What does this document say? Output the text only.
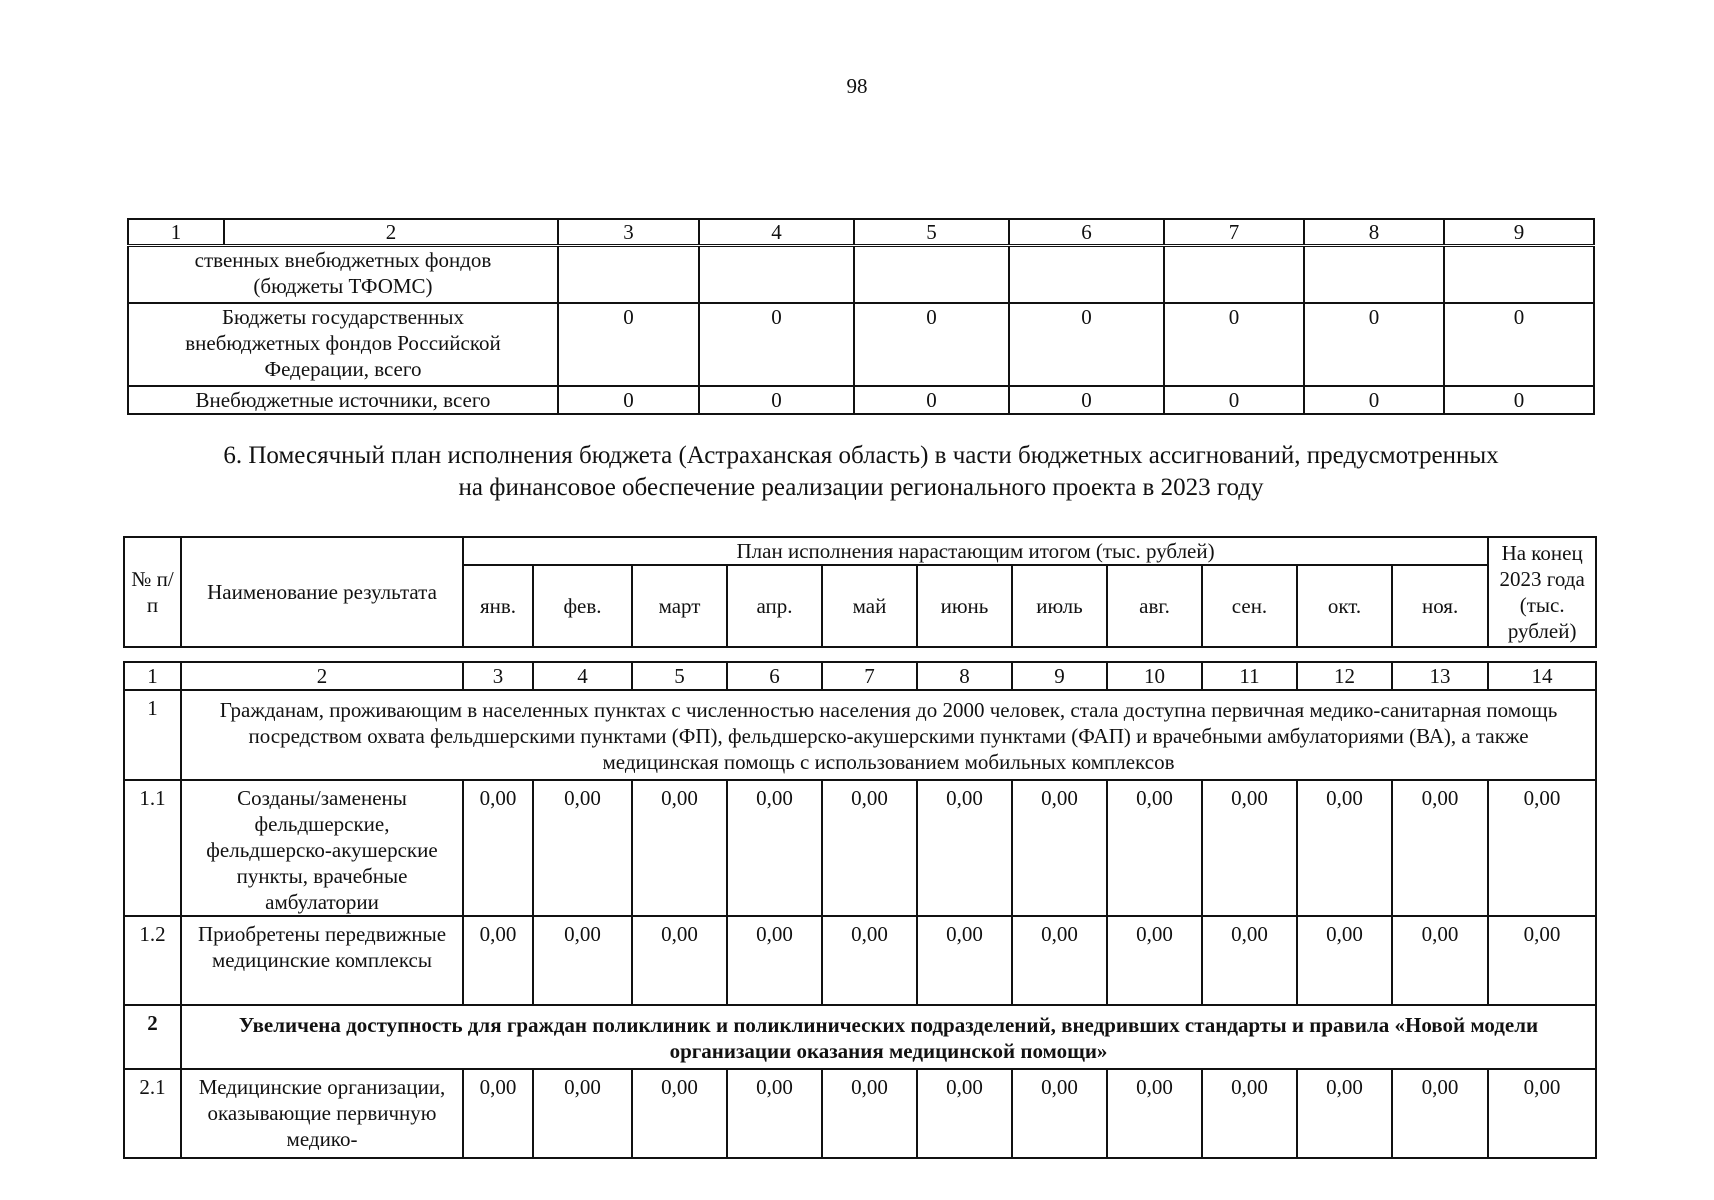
98
1	2	3	4	5	6	7	8	9
ственных внебюджетных фондов (бюджеты ТФОМС)								
Бюджеты государственных внебюджетных фондов Российской Федерации, всего		0	0	0	0	0	0	0
Внебюджетные источники, всего		0	0	0	0	0	0	0
6. Помесячный план исполнения бюджета (Астраханская область) в части бюджетных ассигнований, предусмотренных
на финансовое обеспечение реализации регионального проекта в 2023 году
№ п/п	Наименование результата	План исполнения нарастающим итогом (тыс. рублей)											На конец 2023 года (тыс. рублей)
		янв.	фев.	март	апр.	май	июнь	июль	авг.	сен.	окт.	ноя.	
1	2	3	4	5	6	7	8	9	10	11	12	13	14
1	Гражданам, проживающим в населенных пунктах с численностью населения до 2000 человек, стала доступна первичная медико-санитарная помощь посредством охвата фельдшерскими пунктами (ФП), фельдшерско-акушерскими пунктами (ФАП) и врачебными амбулаториями (ВА), а также медицинская помощь с использованием мобильных комплексов												
1.1	Созданы/заменены фельдшерские, фельдшерско-акушерские пункты, врачебные амбулатории	0,00	0,00	0,00	0,00	0,00	0,00	0,00	0,00	0,00	0,00	0,00	0,00
1.2	Приобретены передвижные медицинские комплексы	0,00	0,00	0,00	0,00	0,00	0,00	0,00	0,00	0,00	0,00	0,00	0,00
2	Увеличена доступность для граждан поликлиник и поликлинических подразделений, внедривших стандарты и правила «Новой модели организации оказания медицинской помощи»												
2.1	Медицинские организации, оказывающие первичную медико-	0,00	0,00	0,00	0,00	0,00	0,00	0,00	0,00	0,00	0,00	0,00	0,00
